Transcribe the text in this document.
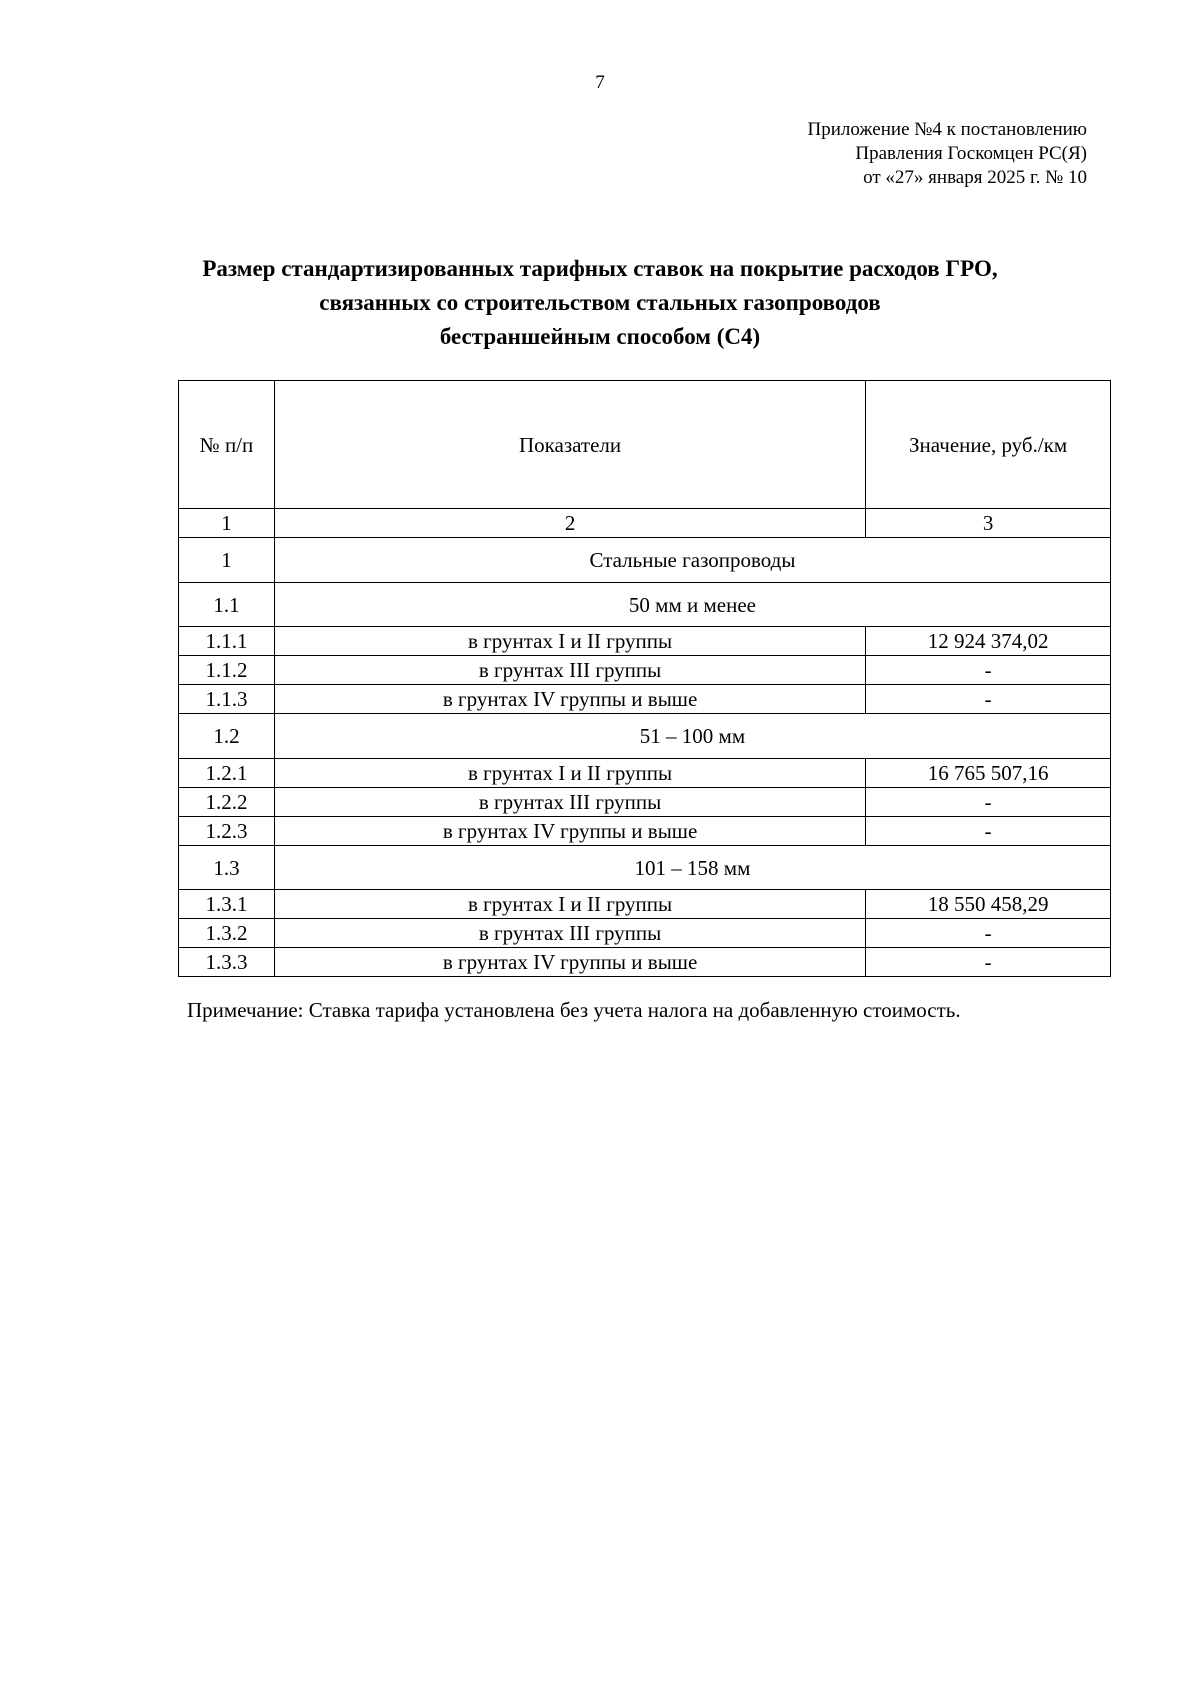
7
Приложение №4 к постановлению
Правления Госкомцен РС(Я)
от «27» января 2025 г. № 10
Размер стандартизированных тарифных ставок на покрытие расходов ГРО,
связанных со строительством стальных газопроводов
бестраншейным способом (С4)
№ п/п	Показатели	Значение, руб./км
1	2	3
1	Стальные газопроводы	
1.1	50 мм и менее	
1.1.1	в грунтах I и II группы	12 924 374,02
1.1.2	в грунтах III группы	-
1.1.3	в грунтах IV группы и выше	-
1.2	51 – 100 мм	
1.2.1	в грунтах I и II группы	16 765 507,16
1.2.2	в грунтах III группы	-
1.2.3	в грунтах IV группы и выше	-
1.3	101 – 158 мм	
1.3.1	в грунтах I и II группы	18 550 458,29
1.3.2	в грунтах III группы	-
1.3.3	в грунтах IV группы и выше	-
Примечание: Ставка тарифа установлена без учета налога на добавленную стоимость.
